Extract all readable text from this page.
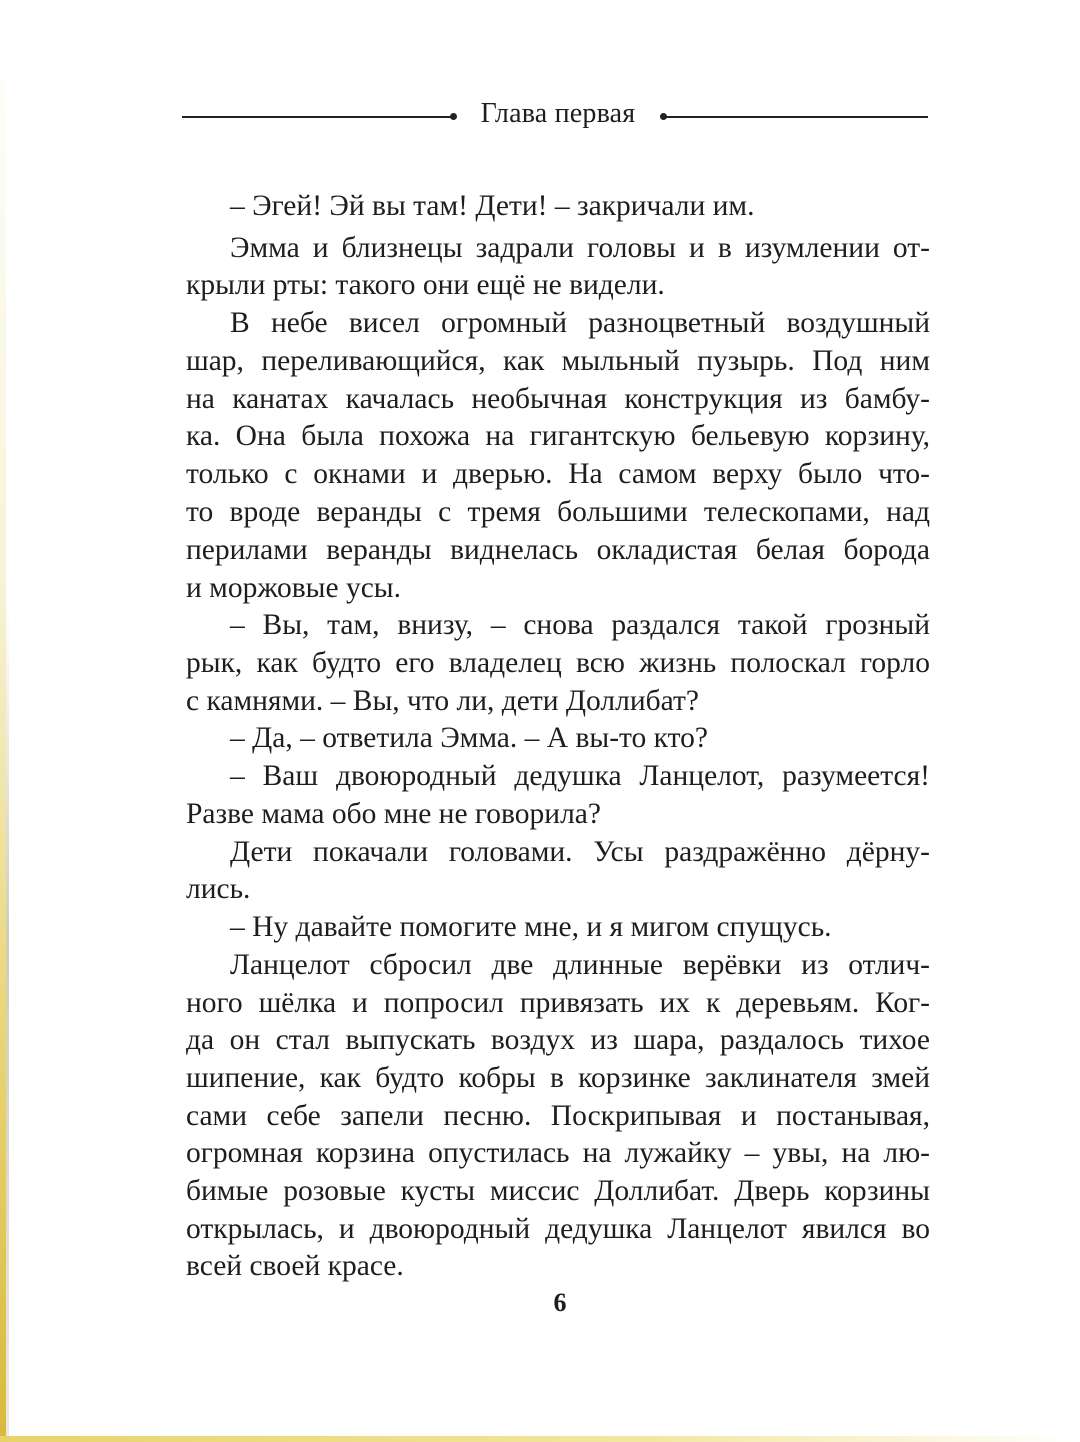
Глава первая
– Эгей! Эй вы там! Дети! – закричали им.
Эмма и близнецы задрали головы и в изумлении от-
крыли рты: такого они ещё не видели.
В небе висел огромный разноцветный воздушный
шар, переливающийся, как мыльный пузырь. Под ним
на канатах качалась необычная конструкция из бамбу-
ка. Она была похожа на гигантскую бельевую корзину,
только с окнами и дверью. На самом верху было что-
то вроде веранды с тремя большими телескопами, над
перилами веранды виднелась окладистая белая борода
и моржовые усы.
– Вы, там, внизу, – снова раздался такой грозный
рык, как будто его владелец всю жизнь полоскал горло
с камнями. – Вы, что ли, дети Доллибат?
– Да, – ответила Эмма. – А вы-то кто?
– Ваш двоюродный дедушка Ланцелот, разумеется!
Разве мама обо мне не говорила?
Дети покачали головами. Усы раздражённо дёрну-
лись.
– Ну давайте помогите мне, и я мигом спущусь.
Ланцелот сбросил две длинные верёвки из отлич-
ного шёлка и попросил привязать их к деревьям. Ког-
да он стал выпускать воздух из шара, раздалось тихое
шипение, как будто кобры в корзинке заклинателя змей
сами себе запели песню. Поскрипывая и постанывая,
огромная корзина опустилась на лужайку – увы, на лю-
бимые розовые кусты миссис Доллибат. Дверь корзины
открылась, и двоюродный дедушка Ланцелот явился во
всей своей красе.
6
